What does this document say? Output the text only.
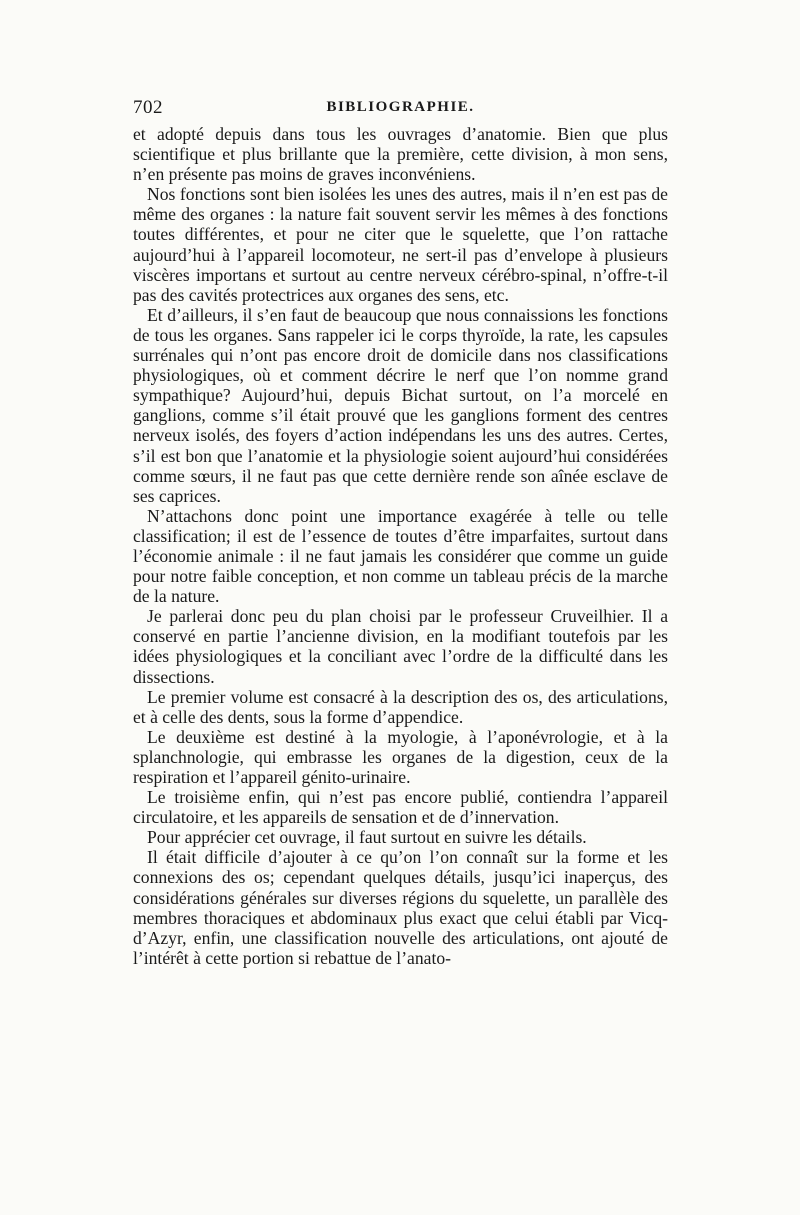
702	BIBLIOGRAPHIE.

et adopté depuis dans tous les ouvrages d’anatomie. Bien que plus scientifique et plus brillante que la première, cette division, à mon sens, n’en présente pas moins de graves inconvéniens.

Nos fonctions sont bien isolées les unes des autres, mais il n’en est pas de même des organes : la nature fait souvent servir les mêmes à des fonctions toutes différentes, et pour ne citer que le squelette, que l’on rattache aujourd’hui à l’appareil locomoteur, ne sert-il pas d’envelope à plusieurs viscères importans et surtout au centre nerveux cérébro-spinal, n’offre-t-il pas des cavités protectrices aux organes des sens, etc.

Et d’ailleurs, il s’en faut de beaucoup que nous connaissions les fonctions de tous les organes. Sans rappeler ici le corps thyroïde, la rate, les capsules surrénales qui n’ont pas encore droit de domicile dans nos classifications physiologiques, où et comment décrire le nerf que l’on nomme grand sympathique? Aujourd’hui, depuis Bichat surtout, on l’a morcelé en ganglions, comme s’il était prouvé que les ganglions forment des centres nerveux isolés, des foyers d’action indépendans les uns des autres. Certes, s’il est bon que l’anatomie et la physiologie soient aujourd’hui considérées comme sœurs, il ne faut pas que cette dernière rende son aînée esclave de ses caprices.

N’attachons donc point une importance exagérée à telle ou telle classification; il est de l’essence de toutes d’être imparfaites, surtout dans l’économie animale : il ne faut jamais les considérer que comme un guide pour notre faible conception, et non comme un tableau précis de la marche de la nature.

Je parlerai donc peu du plan choisi par le professeur Cruveilhier. Il a conservé en partie l’ancienne division, en la modifiant toutefois par les idées physiologiques et la conciliant avec l’ordre de la difficulté dans les dissections.

Le premier volume est consacré à la description des os, des articulations, et à celle des dents, sous la forme d’appendice.

Le deuxième est destiné à la myologie, à l’aponévrologie, et à la splanchnologie, qui embrasse les organes de la digestion, ceux de la respiration et l’appareil génito-urinaire.

Le troisième enfin, qui n’est pas encore publié, contiendra l’appareil circulatoire, et les appareils de sensation et de d’innervation.

Pour apprécier cet ouvrage, il faut surtout en suivre les détails.

Il était difficile d’ajouter à ce qu’on l’on connaît sur la forme et les connexions des os; cependant quelques détails, jusqu’ici inaperçus, des considérations générales sur diverses régions du squelette, un parallèle des membres thoraciques et abdominaux plus exact que celui établi par Vicq-d’Azyr, enfin, une classification nouvelle des articulations, ont ajouté de l’intérêt à cette portion si rebattue de l’anato-
